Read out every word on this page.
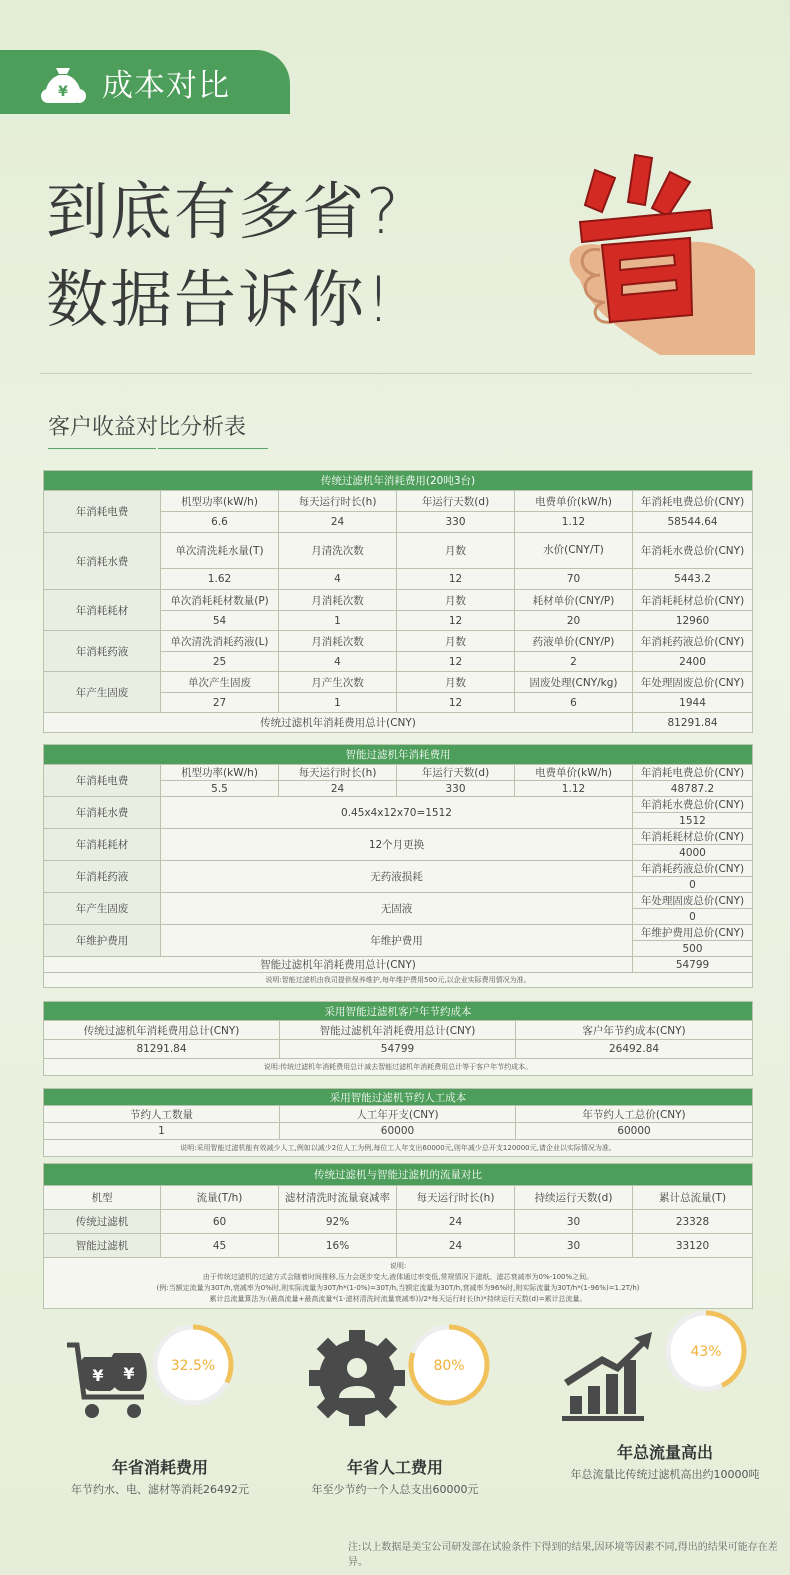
¥ 成本对比
到底有多省?
数据告诉你!
客户收益对比分析表
传统过滤机年消耗费用(20吨3台)					
年消耗电费	机型功率(kW/h)	每天运行时长(h)	年运行天数(d)	电费单价(kW/h)	年消耗电费总价(CNY)
	6.6	24	330	1.12	58544.64
年消耗水费	单次清洗耗水量(T)	月清洗次数	月数	水价(CNY/T)	年消耗水费总价(CNY)
	1.62	4	12	70	5443.2
年消耗耗材	单次消耗耗材数量(P)	月消耗次数	月数	耗材单价(CNY/P)	年消耗耗材总价(CNY)
	54	1	12	20	12960
年消耗药液	单次清洗消耗药液(L)	月消耗次数	月数	药液单价(CNY/P)	年消耗药液总价(CNY)
	25	4	12	2	2400
年产生固废	单次产生固废	月产生次数	月数	固废处理(CNY/kg)	年处理固废总价(CNY)
	27	1	12	6	1944
传统过滤机年消耗费用总计(CNY)					81291.84
智能过滤机年消耗费用					
年消耗电费	机型功率(kW/h)	每天运行时长(h)	年运行天数(d)	电费单价(kW/h)	年消耗电费总价(CNY)
	5.5	24	330	1.12	48787.2
年消耗水费	0.45x4x12x70=1512				年消耗水费总价(CNY)
					1512
年消耗耗材	12个月更换				年消耗耗材总价(CNY)
					4000
年消耗药液	无药液损耗				年消耗药液总价(CNY)
					0
年产生固废	无固液				年处理固废总价(CNY)
					0
年维护费用	年维护费用				年维护费用总价(CNY)
					500
智能过滤机年消耗费用总计(CNY)					54799
说明:智能过滤机由我司提供保养维护,每年维护费用500元,以企业实际费用情况为准。					
采用智能过滤机客户年节约成本		
传统过滤机年消耗费用总计(CNY)	智能过滤机年消耗费用总计(CNY)	客户年节约成本(CNY)
81291.84	54799	26492.84
说明:传统过滤机年消耗费用总计减去智能过滤机年消耗费用总计等于客户年节约成本。		
采用智能过滤机节约人工成本		
节约人工数量	人工年开支(CNY)	年节约人工总价(CNY)
1	60000	60000
说明:采用智能过滤机能有效减少人工,例如以减少2位人工为例,每位工人年支出60000元,则年减少总开支120000元,请企业以实际情况为准。		
传统过滤机与智能过滤机的流量对比					
机型	流量(T/h)	滤材清洗时流量衰减率	每天运行时长(h)	持续运行天数(d)	累计总流量(T)
传统过滤机	60	92%	24	30	23328
智能过滤机	45	16%	24	30	33120

说明:
由于传统过滤机的过滤方式会随着时间推移,压力会逐步变大,液体通过率变低,常规情况下滤纸、滤芯衰减率为0%-100%之间。
(例:当额定流量为30T/h,衰减率为0%时,则实际流量为30T/h*(1-0%)=30T/h,当额定流量为30T/h,衰减率为96%时,则实际流量为30T/h*(1-96%)=1.2T/h)
累计总流量算法为:(最高流量+最高流量*(1-滤材清洗时流量衰减率))/2*每天运行时长(h)*持续运行天数(d)=累计总流量。					
¥ ¥	32.5%
年省消耗费用
年节约水、电、滤材等消耗26492元
80%
年省人工费用
年至少节约一个人总支出60000元
43%
年总流量高出
年总流量比传统过滤机高出约10000吨
注:以上数据是美宝公司研发部在试验条件下得到的结果,因环境等因素不同,得出的结果可能存在差异。
